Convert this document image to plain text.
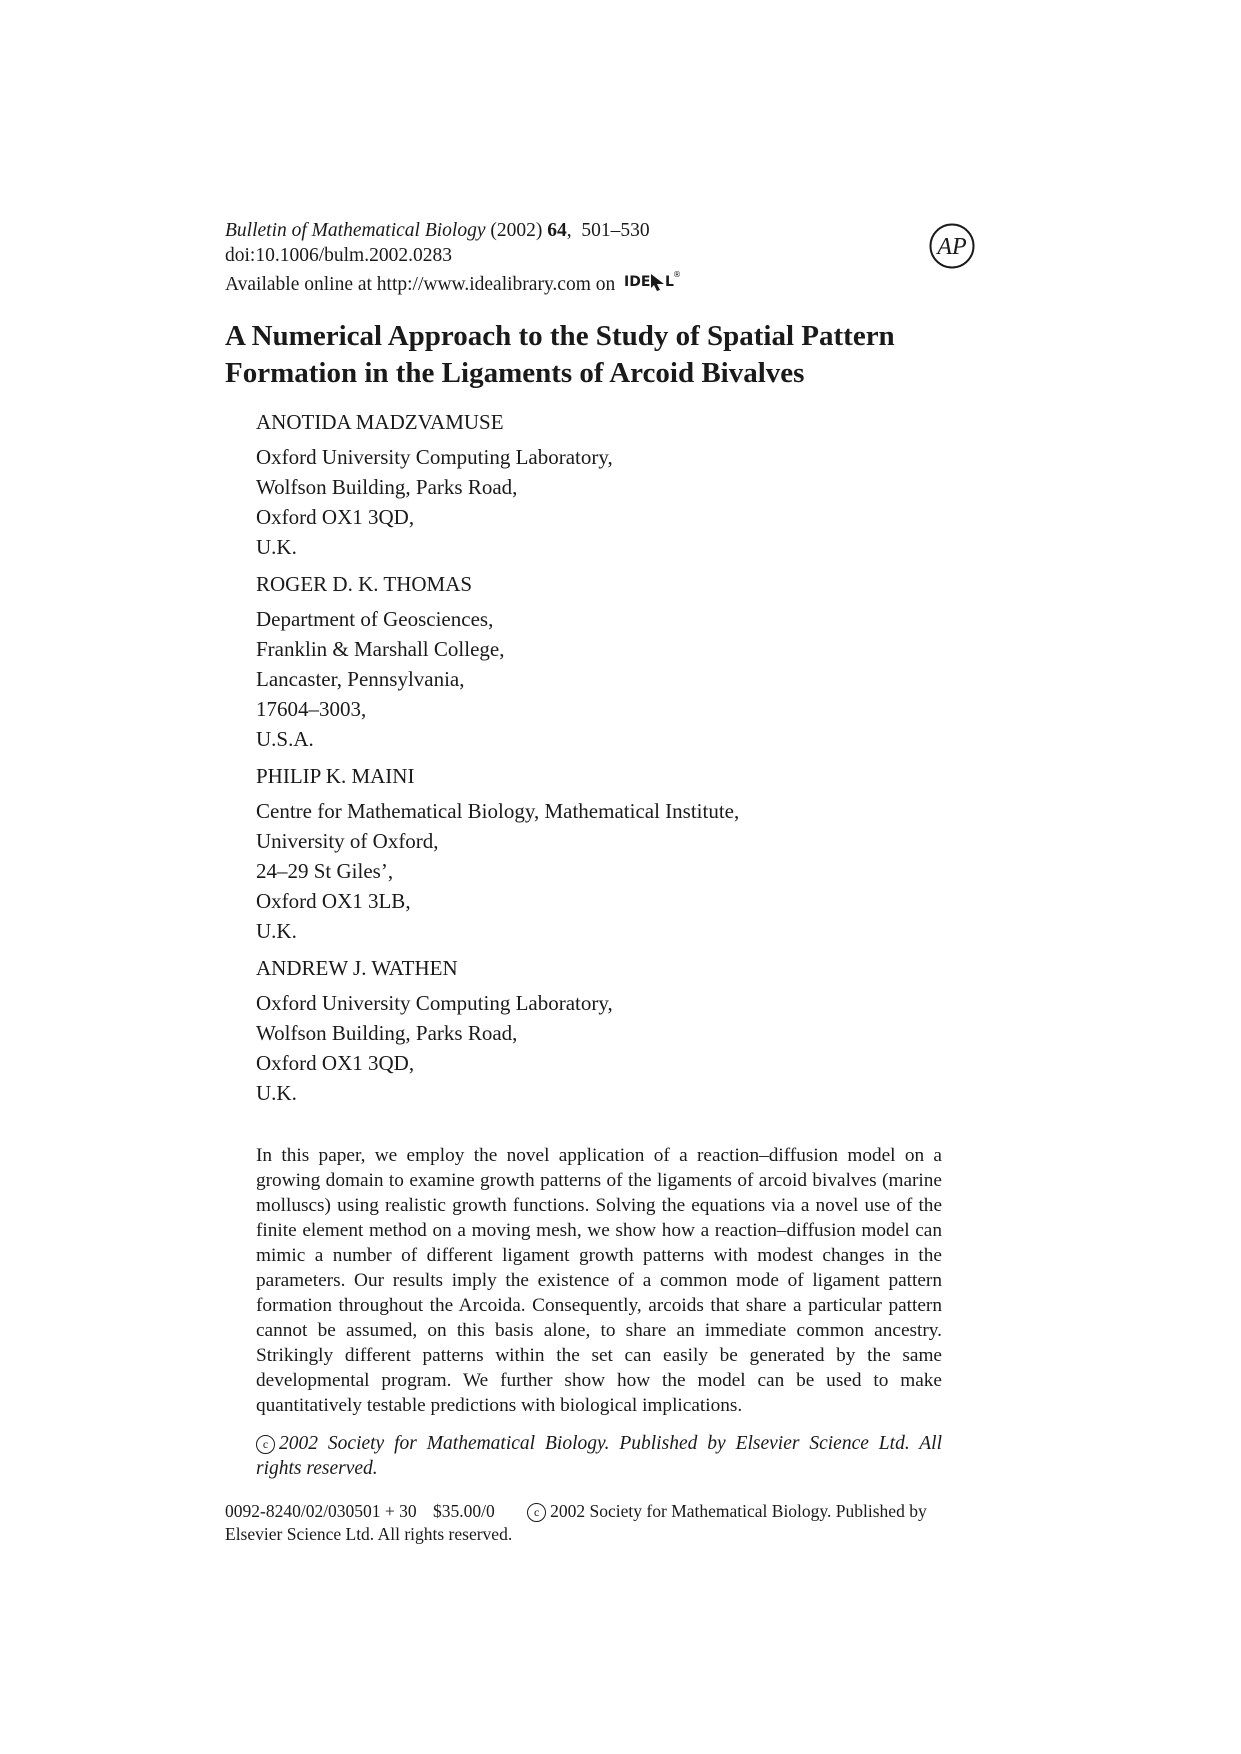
Bulletin of Mathematical Biology (2002) 64,  501–530
doi:10.1006/bulm.2002.0283
Available online at http://www.idealibrary.com on IDE L ®
AP
A Numerical Approach to the Study of Spatial Pattern
Formation in the Ligaments of Arcoid Bivalves
ANOTIDA MADZVAMUSE
Oxford University Computing Laboratory,
Wolfson Building, Parks Road,
Oxford OX1 3QD,
U.K.
ROGER D. K. THOMAS
Department of Geosciences,
Franklin & Marshall College,
Lancaster, Pennsylvania,
17604–3003,
U.S.A.
PHILIP K. MAINI
Centre for Mathematical Biology, Mathematical Institute,
University of Oxford,
24–29 St Giles’,
Oxford OX1 3LB,
U.K.
ANDREW J. WATHEN
Oxford University Computing Laboratory,
Wolfson Building, Parks Road,
Oxford OX1 3QD,
U.K.

In this paper, we employ the novel application of a reaction–diffusion model on a growing domain to examine growth patterns of the ligaments of arcoid bivalves (marine molluscs) using realistic growth functions. Solving the equations via a novel use of the finite element method on a moving mesh, we show how a reaction–diffusion model can mimic a number of different ligament growth patterns with modest changes in the parameters. Our results imply the existence of a common mode of ligament pattern formation throughout the Arcoida. Consequently, arcoids that share a particular pattern cannot be assumed, on this basis alone, to share an immediate common ancestry. Strikingly different patterns within the set can easily be generated by the same developmental program. We further show how the model can be used to make quantitatively testable predictions with biological implications.

c 2002 Society for Mathematical Biology. Published by Elsevier Science Ltd. All rights reserved.

0092-8240/02/030501 + 30 $35.00/0	c 2002 Society for Mathematical Biology. Published by Elsevier Science Ltd. All rights reserved.
